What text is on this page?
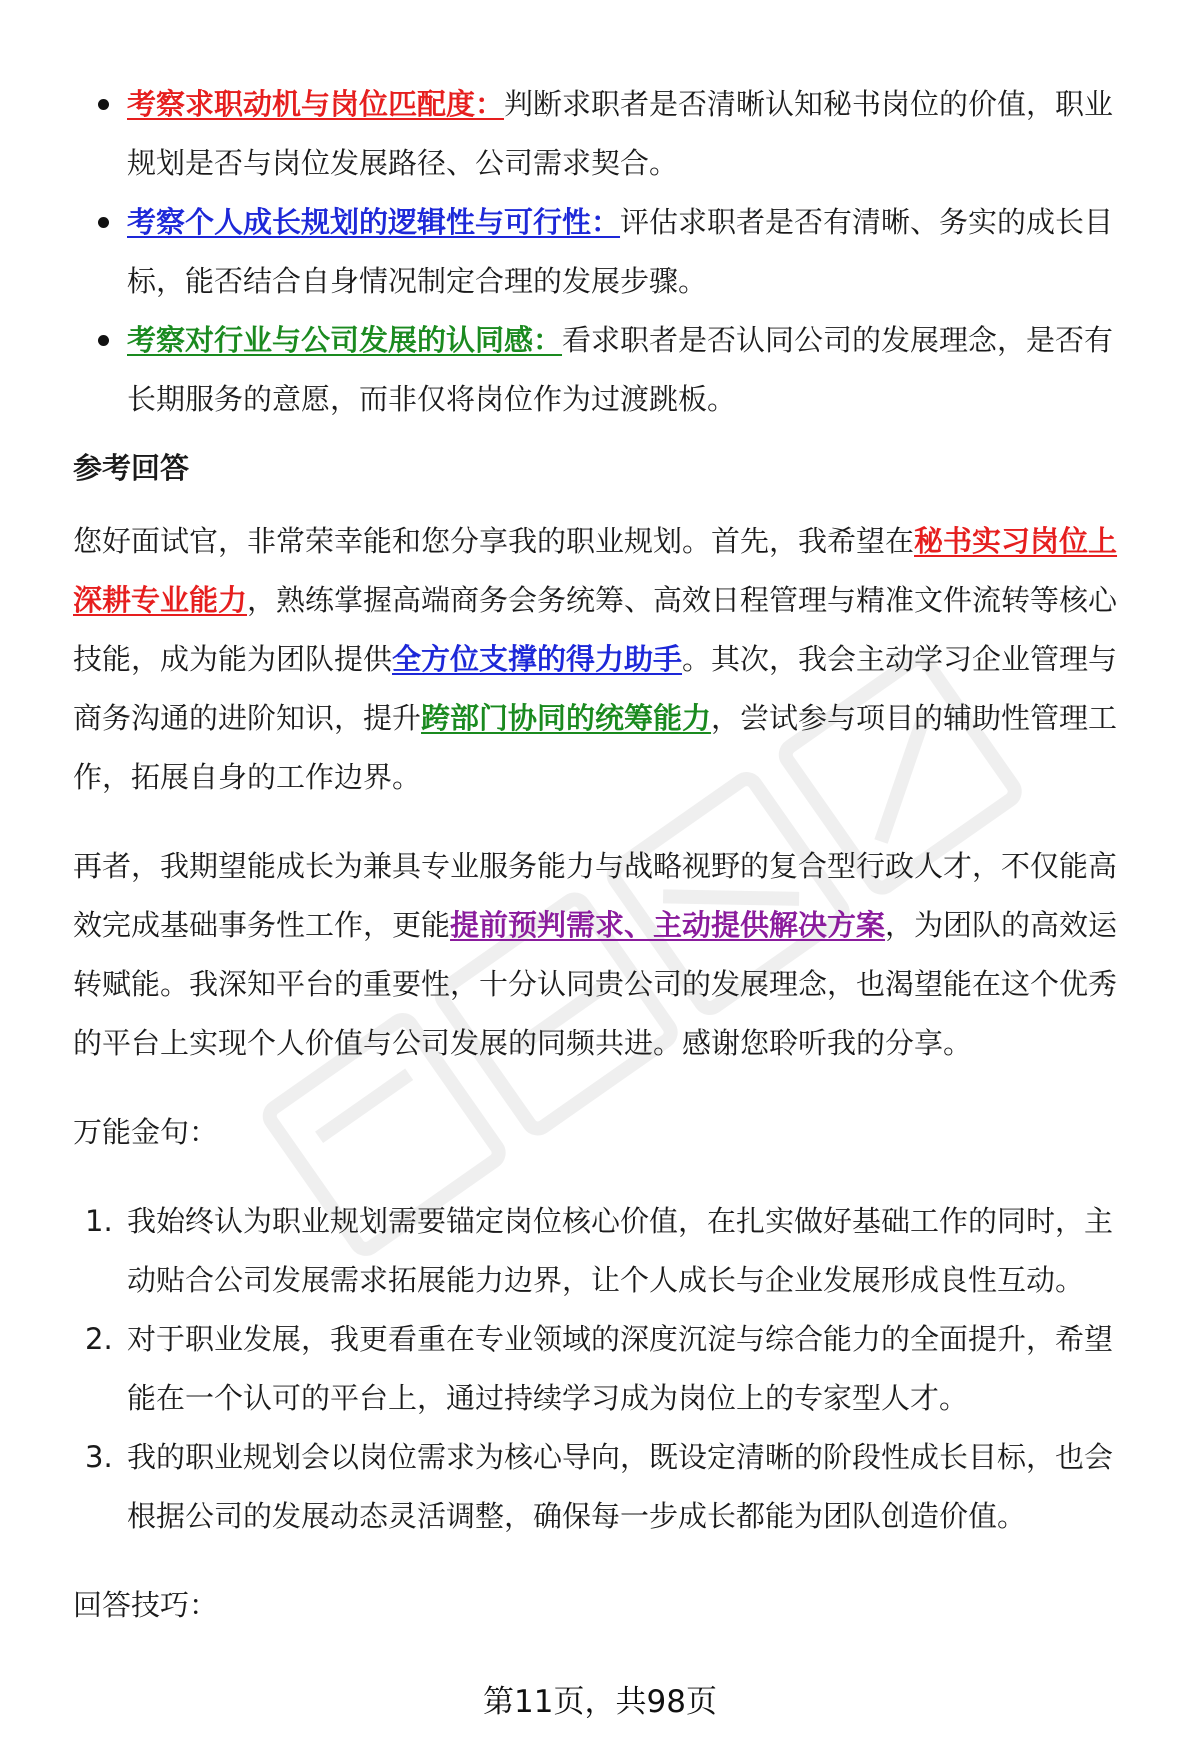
考察求职动机与岗位匹配度：判断求职者是否清晰认知秘书岗位的价值，职业
规划是否与岗位发展路径、公司需求契合。
考察个人成长规划的逻辑性与可行性：评估求职者是否有清晰、务实的成长目
标，能否结合自身情况制定合理的发展步骤。
考察对行业与公司发展的认同感：看求职者是否认同公司的发展理念，是否有
长期服务的意愿，而非仅将岗位作为过渡跳板。
参考回答
您好面试官，非常荣幸能和您分享我的职业规划。首先，我希望在秘书实习岗位上
深耕专业能力，熟练掌握高端商务会务统筹、高效日程管理与精准文件流转等核心
技能，成为能为团队提供全方位支撑的得力助手。其次，我会主动学习企业管理与
商务沟通的进阶知识，提升跨部门协同的统筹能力，尝试参与项目的辅助性管理工
作，拓展自身的工作边界。
再者，我期望能成长为兼具专业服务能力与战略视野的复合型行政人才，不仅能高
效完成基础事务性工作，更能提前预判需求、主动提供解决方案，为团队的高效运
转赋能。我深知平台的重要性，十分认同贵公司的发展理念，也渴望能在这个优秀
的平台上实现个人价值与公司发展的同频共进。感谢您聆听我的分享。
万能金句：
1. 我始终认为职业规划需要锚定岗位核心价值，在扎实做好基础工作的同时，主
动贴合公司发展需求拓展能力边界，让个人成长与企业发展形成良性互动。
2. 对于职业发展，我更看重在专业领域的深度沉淀与综合能力的全面提升，希望
能在一个认可的平台上，通过持续学习成为岗位上的专家型人才。
3. 我的职业规划会以岗位需求为核心导向，既设定清晰的阶段性成长目标，也会
根据公司的发展动态灵活调整，确保每一步成长都能为团队创造价值。
回答技巧：
第11页，共98页
